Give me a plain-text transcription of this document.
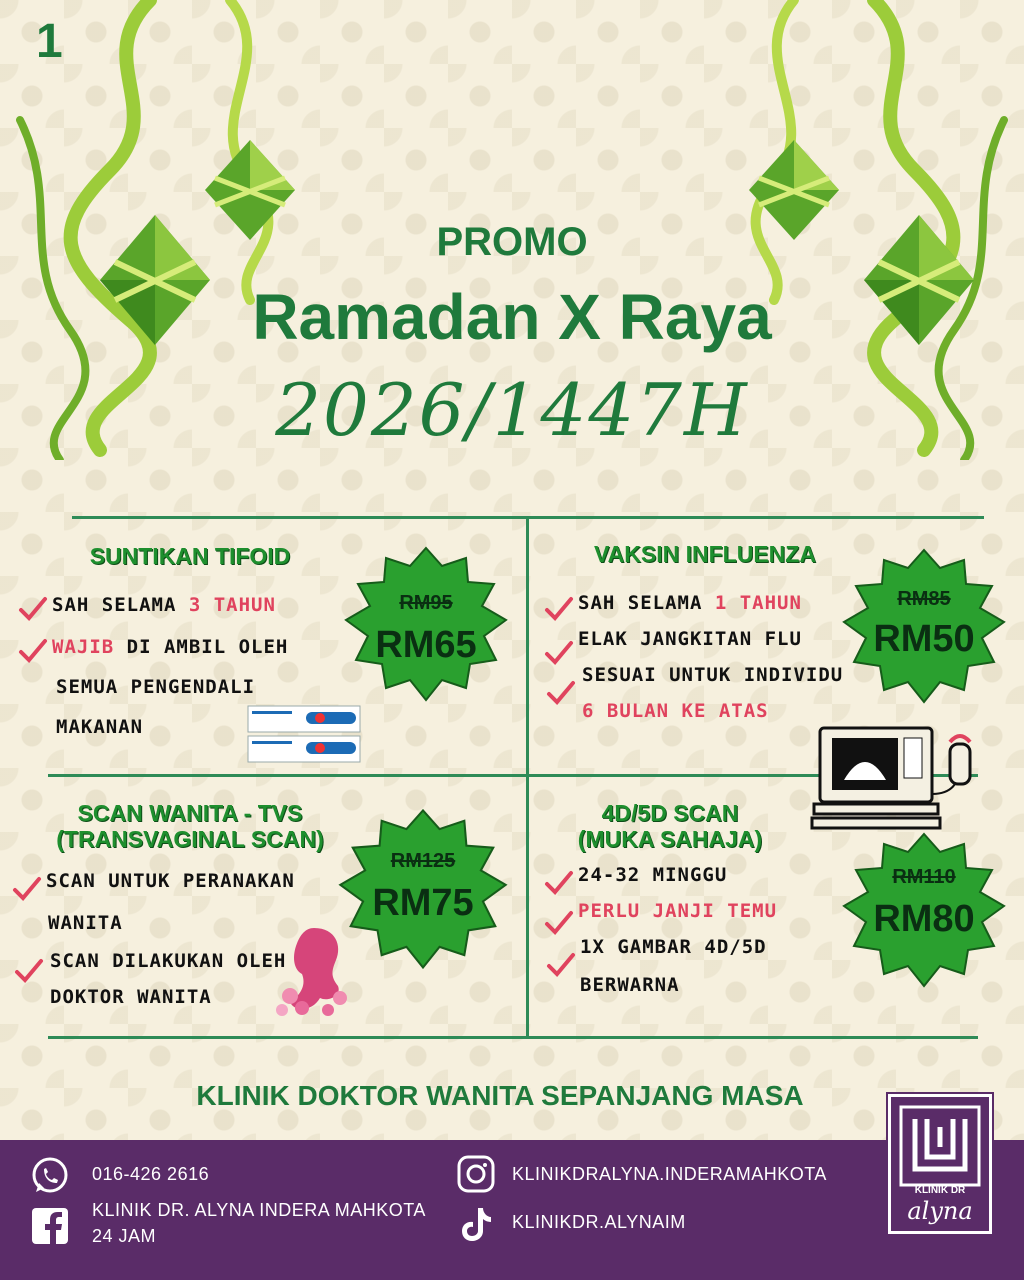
1
PROMO
Ramadan X Raya
2026/1447H
SUNTIKAN TIFOID
SAH SELAMA 3 TAHUN
WAJIB DI AMBIL OLEH
SEMUA PENGENDALI
MAKANAN
RM95
RM65
VAKSIN INFLUENZA
SAH SELAMA 1 TAHUN
ELAK JANGKITAN FLU
SESUAI UNTUK INDIVIDU
6 BULAN KE ATAS
RM85
RM50
SCAN WANITA - TVS
(TRANSVAGINAL SCAN)
SCAN UNTUK PERANAKAN
WANITA
SCAN DILAKUKAN OLEH
DOKTOR WANITA
RM125
RM75
4D/5D SCAN
(MUKA SAHAJA)
24-32 MINGGU
PERLU JANJI TEMU
1X GAMBAR 4D/5D
BERWARNA
RM110
RM80
KLINIK DOKTOR WANITA SEPANJANG MASA
016-426 2616
KLINIK DR. ALYNA INDERA MAHKOTA
24 JAM
KLINIKDRALYNA.INDERAMAHKOTA
KLINIKDR.ALYNAIM
KLINIK DR
alyna
